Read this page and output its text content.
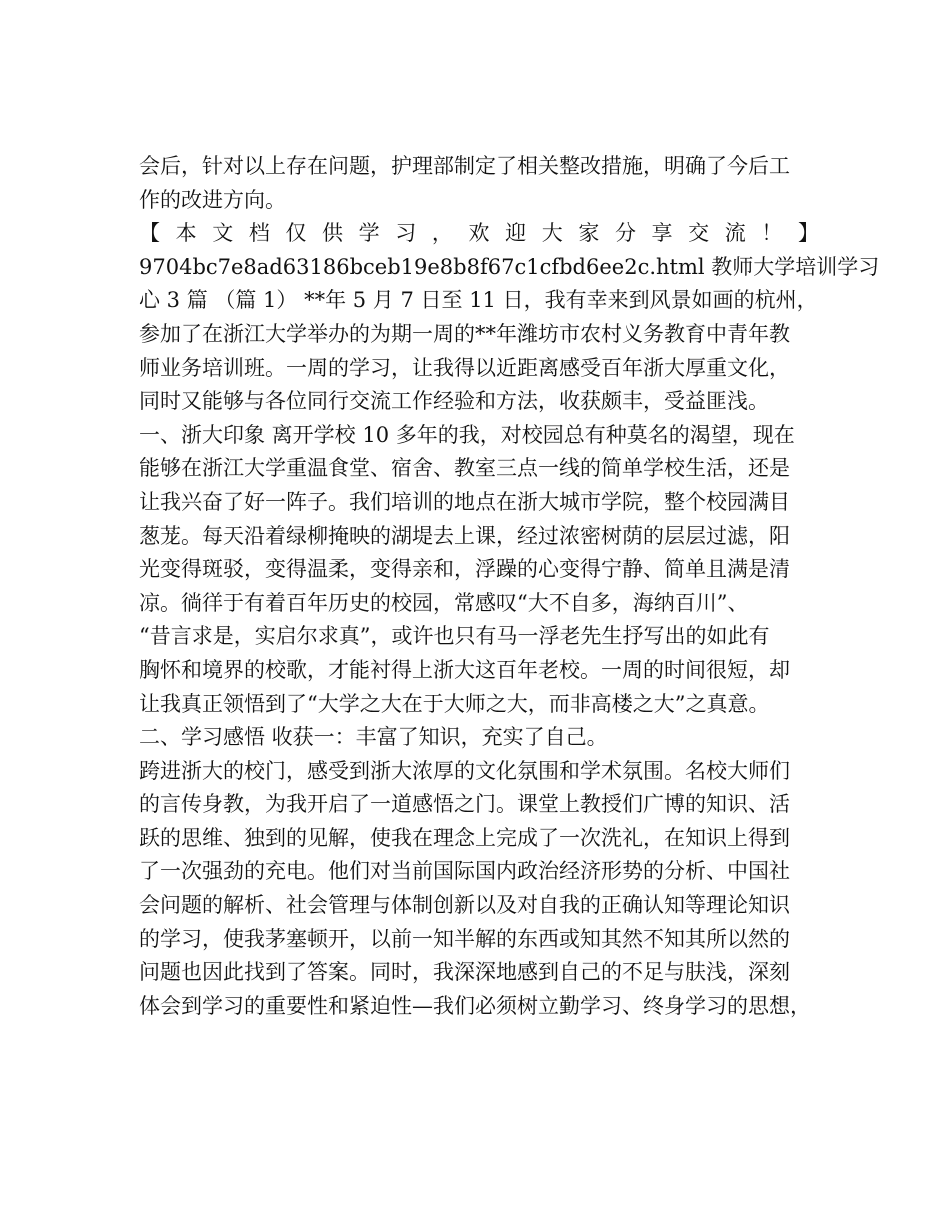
会后，针对以上存在问题，护理部制定了相关整改措施，明确了今后工
作的改进方向。
【 本 文 档 仅 供 学 习 ， 欢 迎 大 家 分 享 交 流 ！ 】
9704bc7e8ad63186bceb19e8b8f67c1cfbd6ee2c.html 教师大学培训学习
心 3 篇 （篇 1） **年 5 月 7 日至 11 日，我有幸来到风景如画的杭州，
参加了在浙江大学举办的为期一周的**年潍坊市农村义务教育中青年教
师业务培训班。一周的学习，让我得以近距离感受百年浙大厚重文化，
同时又能够与各位同行交流工作经验和方法，收获颇丰，受益匪浅。
一、浙大印象 离开学校 10 多年的我，对校园总有种莫名的渴望，现在
能够在浙江大学重温食堂、宿舍、教室三点一线的简单学校生活，还是
让我兴奋了好一阵子。我们培训的地点在浙大城市学院，整个校园满目
葱茏。每天沿着绿柳掩映的湖堤去上课，经过浓密树荫的层层过滤，阳
光变得斑驳，变得温柔，变得亲和，浮躁的心变得宁静、简单且满是清
凉。徜徉于有着百年历史的校园，常感叹“大不自多，海纳百川”、
“昔言求是，实启尔求真”，或许也只有马一浮老先生抒写出的如此有
胸怀和境界的校歌，才能衬得上浙大这百年老校。一周的时间很短，却
让我真正领悟到了“大学之大在于大师之大，而非高楼之大”之真意。
二、学习感悟 收获一：丰富了知识，充实了自己。
跨进浙大的校门，感受到浙大浓厚的文化氛围和学术氛围。名校大师们
的言传身教，为我开启了一道感悟之门。课堂上教授们广博的知识、活
跃的思维、独到的见解，使我在理念上完成了一次洗礼，在知识上得到
了一次强劲的充电。他们对当前国际国内政治经济形势的分析、中国社
会问题的解析、社会管理与体制创新以及对自我的正确认知等理论知识
的学习，使我茅塞顿开，以前一知半解的东西或知其然不知其所以然的
问题也因此找到了答案。同时，我深深地感到自己的不足与肤浅，深刻
体会到学习的重要性和紧迫性—我们必须树立勤学习、终身学习的思想，
